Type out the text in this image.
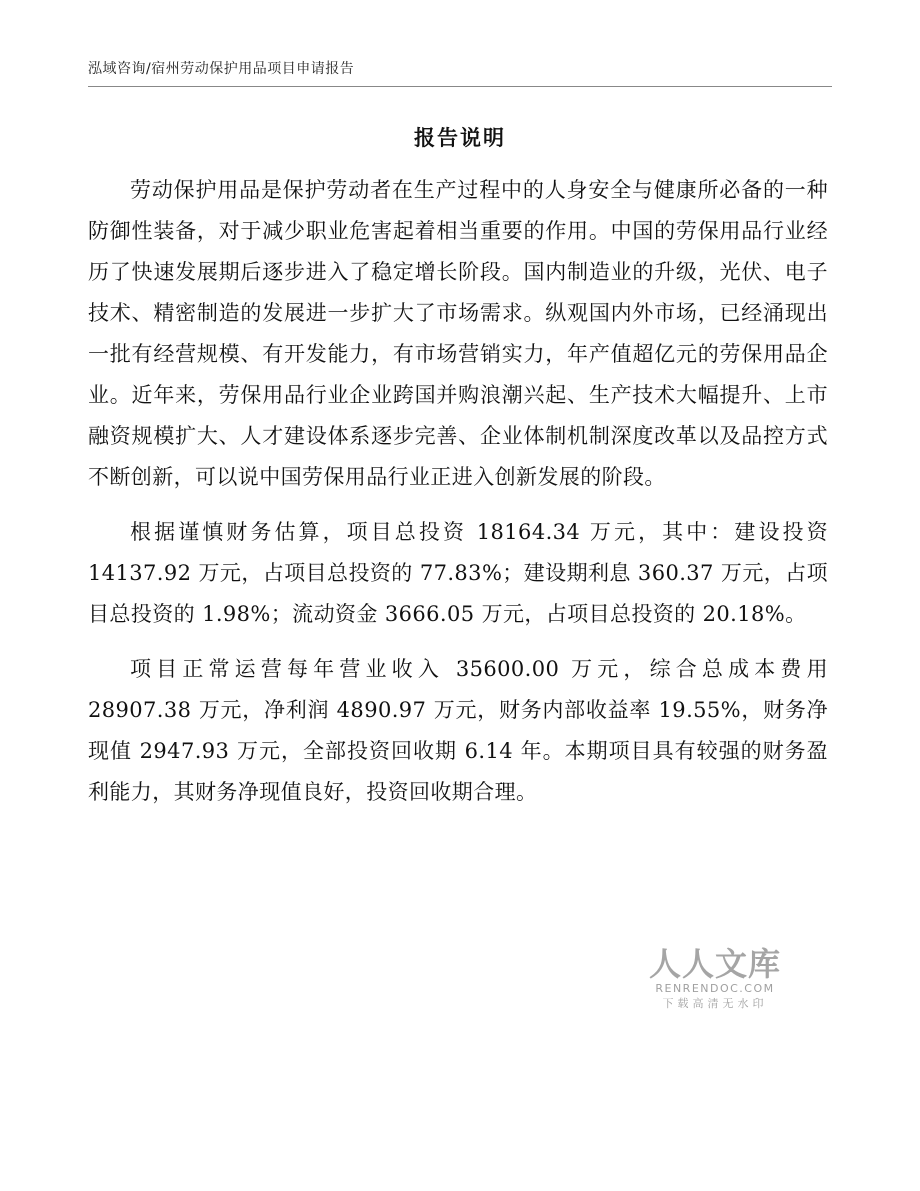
泓域咨询/宿州劳动保护用品项目申请报告
报告说明

劳动保护用品是保护劳动者在生产过程中的人身安全与健康所必备的一种防御性装备，对于减少职业危害起着相当重要的作用。中国的劳保用品行业经历了快速发展期后逐步进入了稳定增长阶段。国内制造业的升级，光伏、电子技术、精密制造的发展进一步扩大了市场需求。纵观国内外市场，已经涌现出一批有经营规模、有开发能力，有市场营销实力，年产值超亿元的劳保用品企业。近年来，劳保用品行业企业跨国并购浪潮兴起、生产技术大幅提升、上市融资规模扩大、人才建设体系逐步完善、企业体制机制深度改革以及品控方式不断创新，可以说中国劳保用品行业正进入创新发展的阶段。

根据谨慎财务估算，项目总投资 18164.34 万元，其中：建设投资 14137.92 万元，占项目总投资的 77.83%；建设期利息 360.37 万元，占项目总投资的 1.98%；流动资金 3666.05 万元，占项目总投资的 20.18%。

项目正常运营每年营业收入 35600.00 万元，综合总成本费用 28907.38 万元，净利润 4890.97 万元，财务内部收益率 19.55%，财务净现值 2947.93 万元，全部投资回收期 6.14 年。本期项目具有较强的财务盈利能力，其财务净现值良好，投资回收期合理。

人人文库
RENRENDOC.COM
下载高清无水印
